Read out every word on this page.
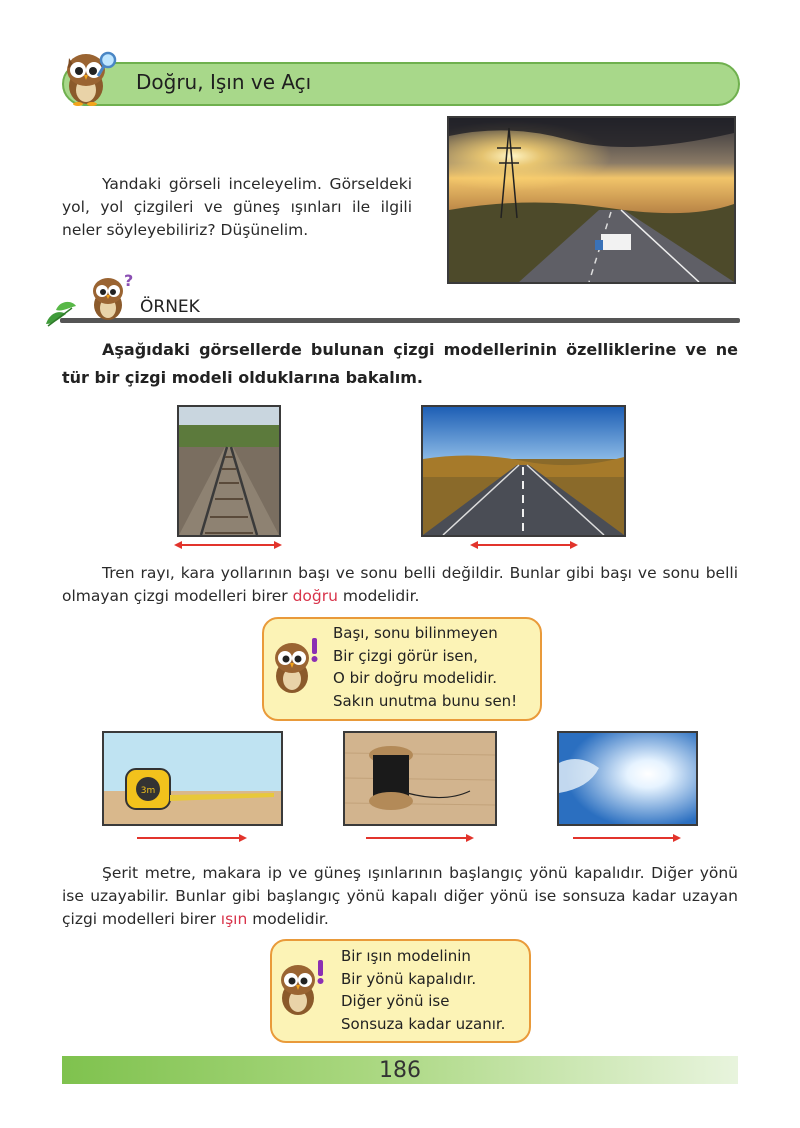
Doğru, Işın ve Açı
Yandaki görseli inceleyelim. Görseldeki yol, yol çizgileri ve güneş ışınları ile ilgili neler söyleyebiliriz? Düşünelim.
?
ÖRNEK
Aşağıdaki görsellerde bulunan çizgi modellerinin özelliklerine ve ne tür bir çizgi modeli olduklarına bakalım.
Tren rayı, kara yollarının başı ve sonu belli değildir. Bunlar gibi başı ve sonu belli olmayan çizgi modelleri birer doğru modelidir.
Başı, sonu bilinmeyen
Bir çizgi görür isen,
O bir doğru modelidir.
Sakın unutma bunu sen!
3m
Şerit metre, makara ip ve güneş ışınlarının başlangıç yönü kapalıdır. Diğer yönü ise uzayabilir. Bunlar gibi başlangıç yönü kapalı diğer yönü ise sonsuza kadar uzayan çizgi modelleri birer ışın modelidir.
Bir ışın modelinin
Bir yönü kapalıdır.
Diğer yönü ise
Sonsuza kadar uzanır.
186
